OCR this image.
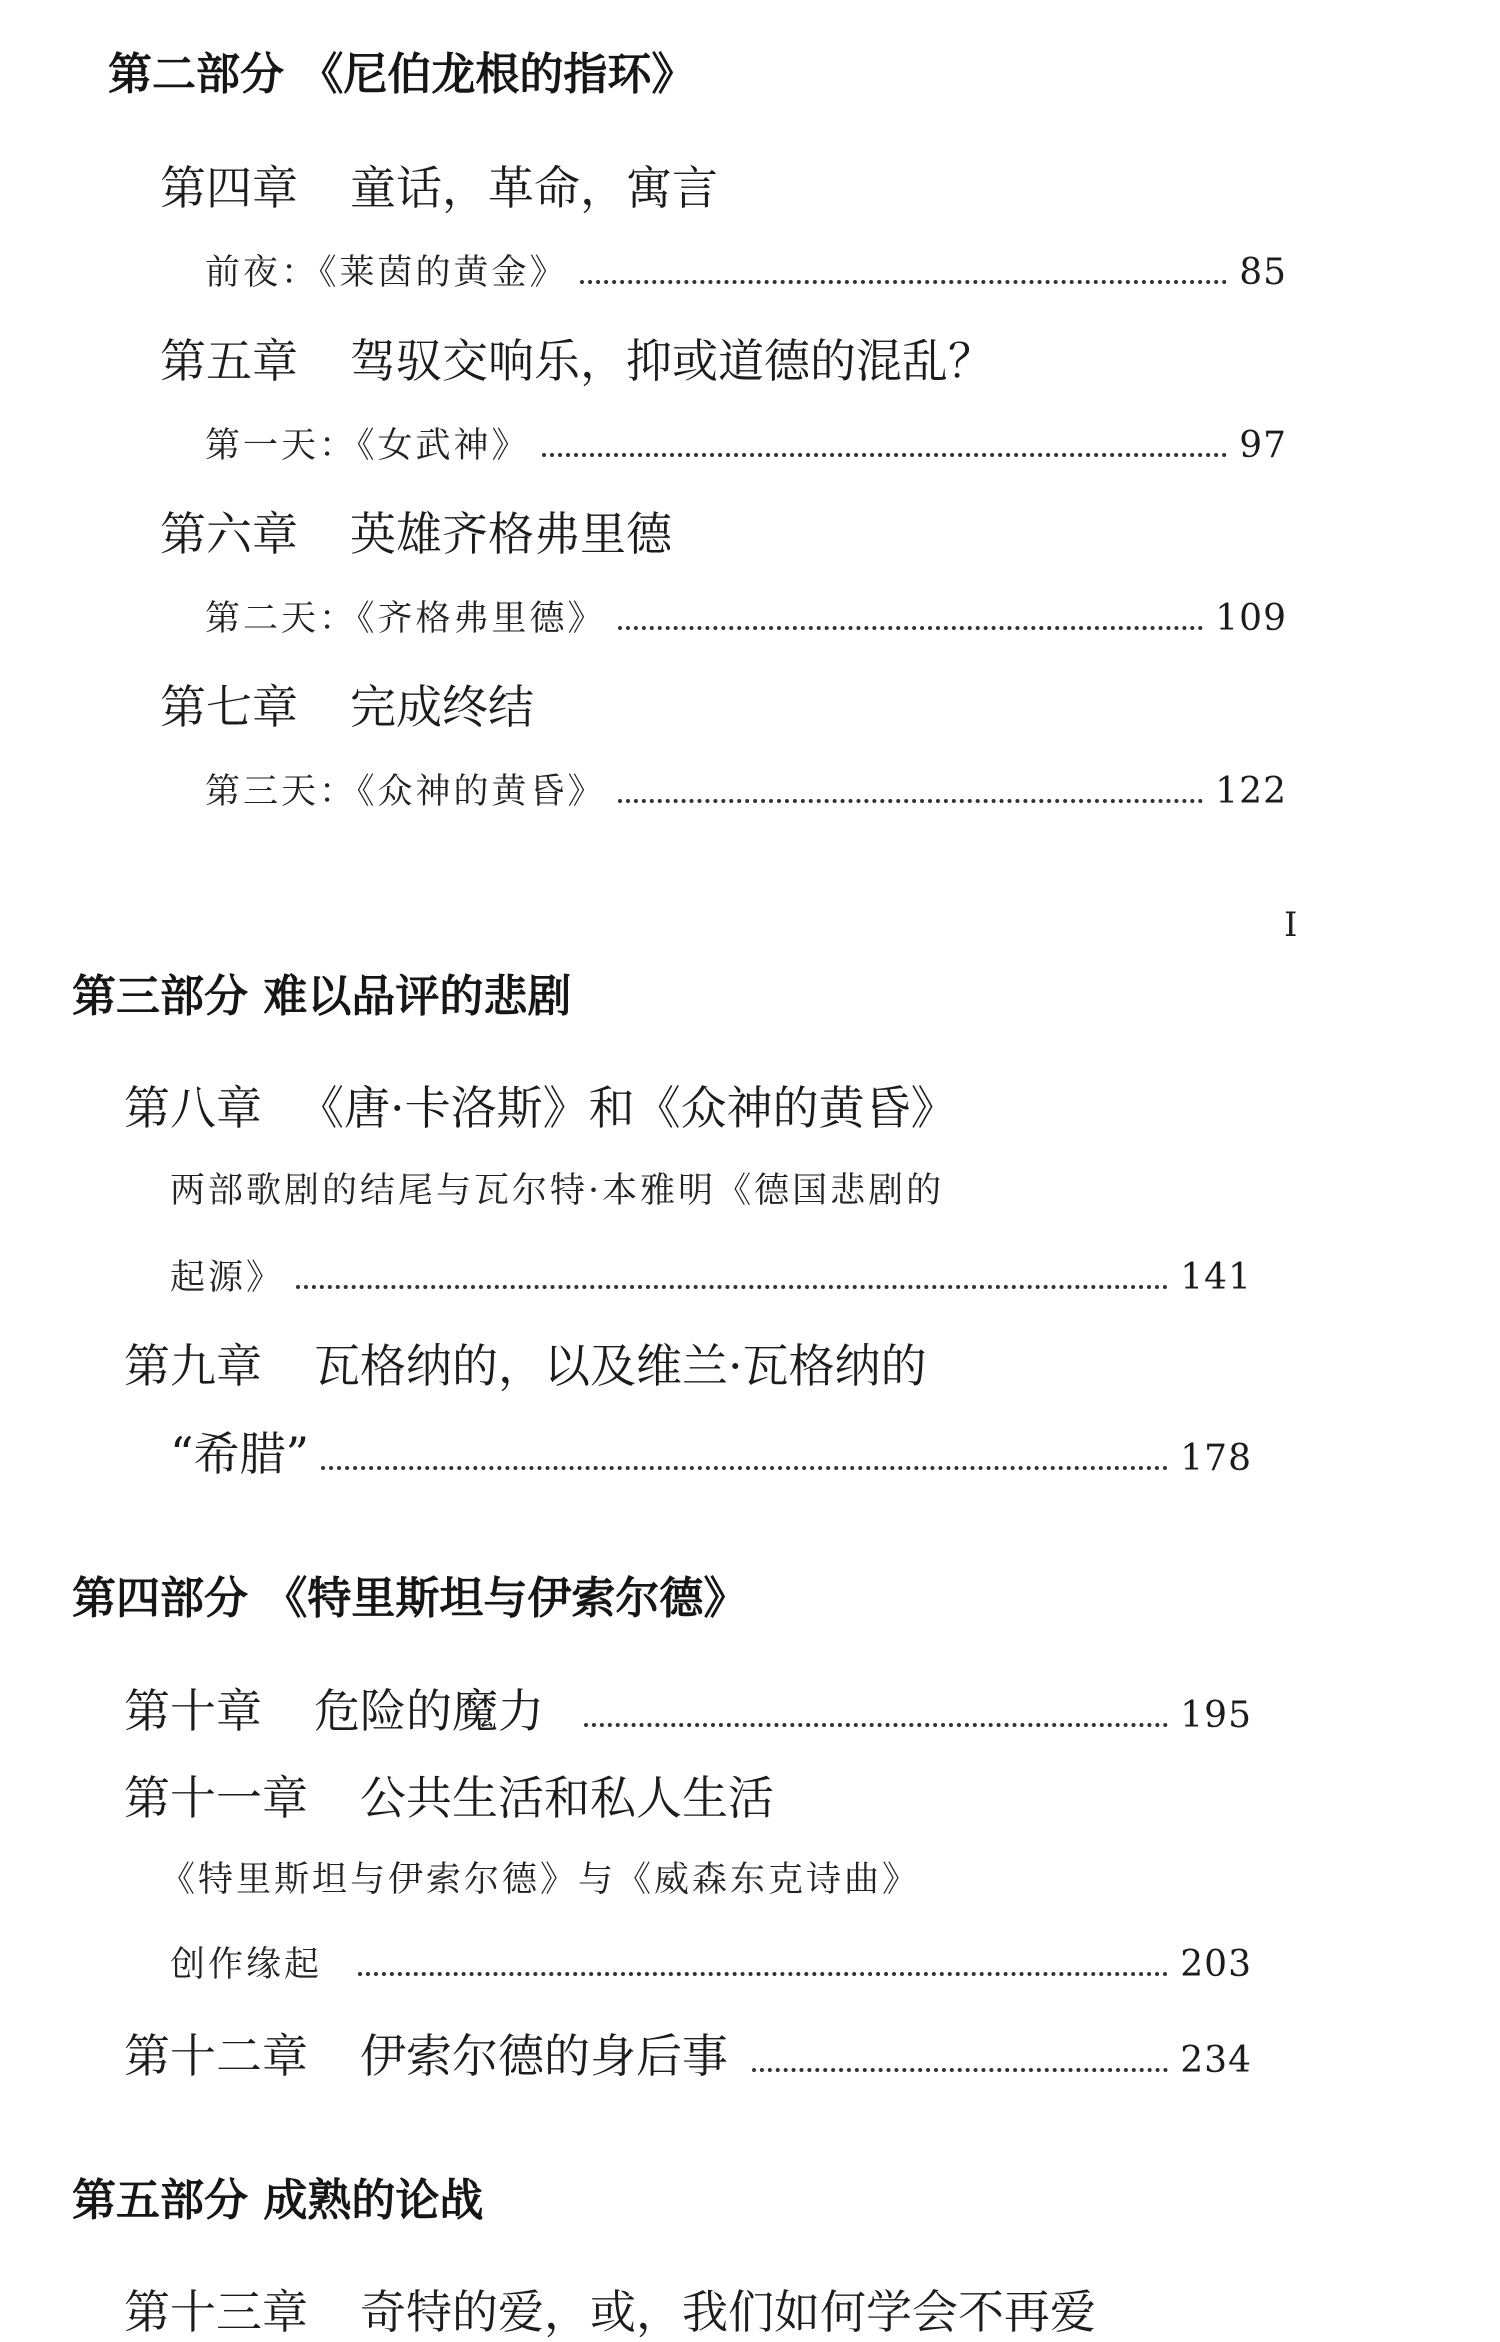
第二部分 《尼伯龙根的指环》
第四章 童话，革命，寓言
前夜：《莱茵的黄金》	85
第五章 驾驭交响乐，抑或道德的混乱？
第一天：《女武神》	97
第六章 英雄齐格弗里德
第二天：《齐格弗里德》	109
第七章 完成终结
第三天：《众神的黄昏》	122
I
第三部分 难以品评的悲剧
第八章 《唐·卡洛斯》和《众神的黄昏》
两部歌剧的结尾与瓦尔特·本雅明《德国悲剧的
起源》	141
第九章 瓦格纳的，以及维兰·瓦格纳的
“希腊”	178
第四部分 《特里斯坦与伊索尔德》
第十章 危险的魔力	195
第十一章 公共生活和私人生活
《特里斯坦与伊索尔德》与《威森东克诗曲》
创作缘起	203
第十二章 伊索尔德的身后事	234
第五部分 成熟的论战
第十三章 奇特的爱，或，我们如何学会不再爱
